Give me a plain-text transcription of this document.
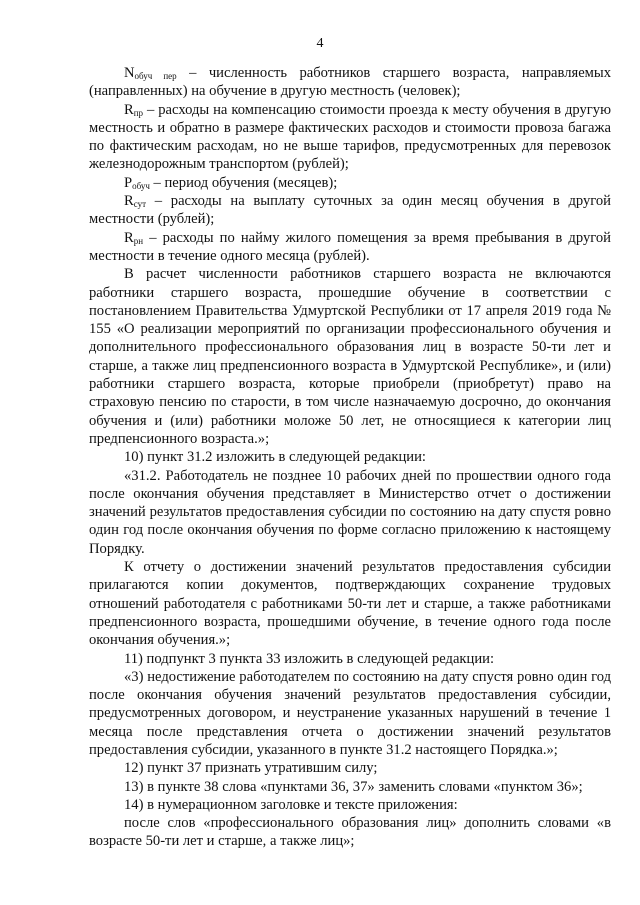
4

$N_{обуч пер}$ – численность работников старшего возраста, направляемых (направленных) на обучение в другую местность (человек);

$R_{пр}$ – расходы на компенсацию стоимости проезда к месту обучения в другую местность и обратно в размере фактических расходов и стоимости провоза багажа по фактическим расходам, но не выше тарифов, предусмотренных для перевозок железнодорожным транспортом (рублей);

$P_{обуч}$ – период обучения (месяцев);

$R_{сут}$ – расходы на выплату суточных за один месяц обучения в другой местности (рублей);

$R_{рн}$ – расходы по найму жилого помещения за время пребывания в другой местности в течение одного месяца (рублей).

В расчет численности работников старшего возраста не включаются работники старшего возраста, прошедшие обучение в соответствии с постановлением Правительства Удмуртской Республики от 17 апреля 2019 года № 155 «О реализации мероприятий по организации профессионального обучения и дополнительного профессионального образования лиц в возрасте 50-ти лет и старше, а также лиц предпенсионного возраста в Удмуртской Республике», и (или) работники старшего возраста, которые приобрели (приобретут) право на страховую пенсию по старости, в том числе назначаемую досрочно, до окончания обучения и (или) работники моложе 50 лет, не относящиеся к категории лиц предпенсионного возраста.»;

10) пункт 31.2 изложить в следующей редакции:

«31.2. Работодатель не позднее 10 рабочих дней по прошествии одного года после окончания обучения представляет в Министерство отчет о достижении значений результатов предоставления субсидии по состоянию на дату спустя ровно один год после окончания обучения по форме согласно приложению к настоящему Порядку.

К отчету о достижении значений результатов предоставления субсидии прилагаются копии документов, подтверждающих сохранение трудовых отношений работодателя с работниками 50-ти лет и старше, а также работниками предпенсионного возраста, прошедшими обучение, в течение одного года после окончания обучения.»;

11) подпункт 3 пункта 33 изложить в следующей редакции:

«3) недостижение работодателем по состоянию на дату спустя ровно один год после окончания обучения значений результатов предоставления субсидии, предусмотренных договором, и неустранение указанных нарушений в течение 1 месяца после представления отчета о достижении значений результатов предоставления субсидии, указанного в пункте 31.2 настоящего Порядка.»;

12) пункт 37 признать утратившим силу;

13) в пункте 38 слова «пунктами 36, 37» заменить словами «пунктом 36»;

14) в нумерационном заголовке и тексте приложения:

после слов «профессионального образования лиц» дополнить словами «в возрасте 50-ти лет и старше, а также лиц»;
